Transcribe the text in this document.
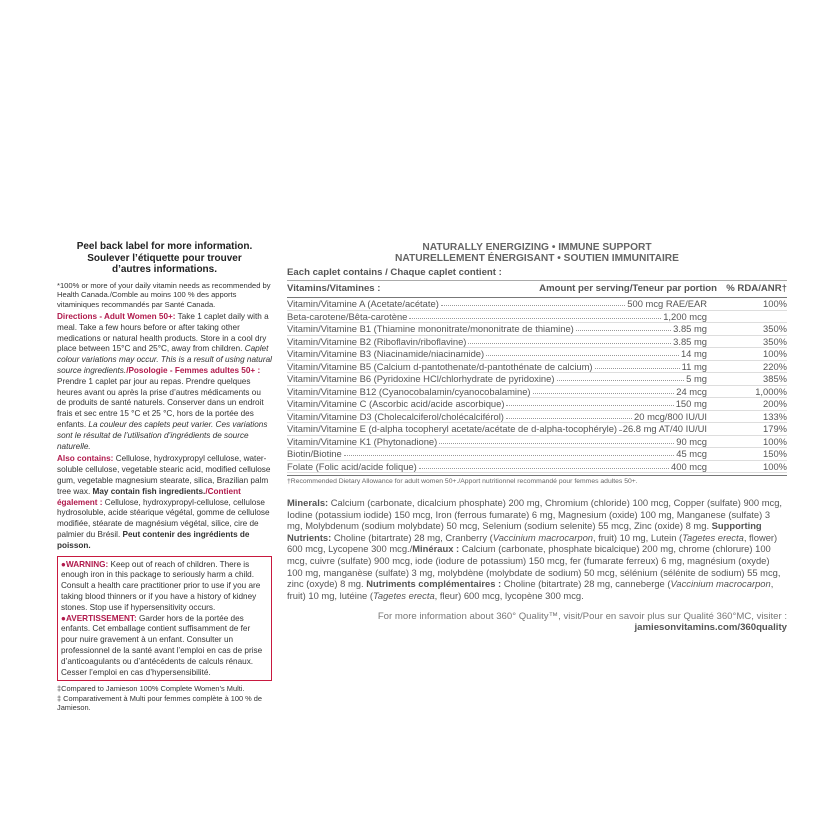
Peel back label for more information.
Soulever l’étiquette pour trouver
d’autres informations.
*100% or more of your daily vitamin needs as recommended by Health Canada./Comble au moins 100 % des apports vitaminiques recommandés par Santé Canada.
Directions - Adult Women 50+: Take 1 caplet daily with a meal. Take a few hours before or after taking other medications or natural health products. Store in a cool dry place between 15°C and 25°C, away from children. Caplet colour variations may occur. This is a result of using natural source ingredients./Posologie - Femmes adultes 50+ : Prendre 1 caplet par jour au repas. Prendre quelques heures avant ou après la prise d’autres médicaments ou de produits de santé naturels. Conserver dans un endroit frais et sec entre 15 °C et 25 °C, hors de la portée des enfants. La couleur des caplets peut varier. Ces variations sont le résultat de l’utilisation d’ingrédients de source naturelle.
Also contains: Cellulose, hydroxypropyl cellulose, water-soluble cellulose, vegetable stearic acid, modified cellulose gum, vegetable magnesium stearate, silica, Brazilian palm tree wax. May contain fish ingredients./Contient également : Cellulose, hydroxypropyl-cellulose, cellulose hydrosoluble, acide stéarique végétal, gomme de cellulose modifiée, stéarate de magnésium végétal, silice, cire de palmier du Brésil. Peut contenir des ingrédients de poisson.
●WARNING: Keep out of reach of children. There is enough iron in this package to seriously harm a child. Consult a health care practitioner prior to use if you are taking blood thinners or if you have a history of kidney stones. Stop use if hypersensitivity occurs.
●AVERTISSEMENT: Garder hors de la portée des enfants. Cet emballage contient suffisamment de fer pour nuire gravement à un enfant. Consulter un professionnel de la santé avant l’emploi en cas de prise d’anticoagulants ou d’antécédents de calculs rénaux. Cesser l’emploi en cas d’hypersensibilité.
‡Compared to Jamieson 100% Complete Women’s Multi.
‡ Comparativement à Multi pour femmes complète à 100 % de Jamieson.
NATURALLY ENERGIZING • IMMUNE SUPPORT
NATURELLEMENT ÉNERGISANT • SOUTIEN IMMUNITAIRE
Each caplet contains / Chaque caplet contient :
Vitamins/Vitamines :	Amount per serving/Teneur par portion	% RDA/ANR†

Vitamin/Vitamine A (Acetate/acétate) 500 mcg RAE/EAR		100%

Beta-carotene/Bêta-carotène 1,200 mcg		

Vitamin/Vitamine B1 (Thiamine mononitrate/mononitrate de thiamine) 3.85 mg		350%

Vitamin/Vitamine B2 (Riboflavin/riboflavine) 3.85 mg		350%

Vitamin/Vitamine B3 (Niacinamide/niacinamide) 14 mg		100%

Vitamin/Vitamine B5 (Calcium d-pantothenate/d-pantothénate de calcium) 11 mg		220%

Vitamin/Vitamine B6 (Pyridoxine HCl/chlorhydrate de pyridoxine) 5 mg		385%

Vitamin/Vitamine B12 (Cyanocobalamin/cyanocobalamine) 24 mcg		1,000%

Vitamin/Vitamine C (Ascorbic acid/acide ascorbique) 150 mg		200%

Vitamin/Vitamine D3 (Cholecalciferol/cholécalciférol) 20 mcg/800 IU/UI		133%

Vitamin/Vitamine E (d-alpha tocopheryl acetate/acétate de d-alpha-tocophéryle) 26.8 mg AT/40 IU/UI		179%

Vitamin/Vitamine K1 (Phytonadione) 90 mcg		100%

Biotin/Biotine 45 mcg		150%

Folate (Folic acid/acide folique) 400 mcg		100%
†Recommended Dietary Allowance for adult women 50+./Apport nutritionnel recommandé pour femmes adultes 50+.
Minerals: Calcium (carbonate, dicalcium phosphate) 200 mg, Chromium (chloride) 100 mcg, Copper (sulfate) 900 mcg, Iodine (potassium iodide) 150 mcg, Iron (ferrous fumarate) 6 mg, Magnesium (oxide) 100 mg, Manganese (sulfate) 3 mg, Molybdenum (sodium molybdate) 50 mcg, Selenium (sodium selenite) 55 mcg, Zinc (oxide) 8 mg. Supporting Nutrients: Choline (bitartrate) 28 mg, Cranberry (Vaccinium macrocarpon, fruit) 10 mg, Lutein (Tagetes erecta, flower) 600 mcg, Lycopene 300 mcg./Minéraux : Calcium (carbonate, phosphate bicalcique) 200 mg, chrome (chlorure) 100 mcg, cuivre (sulfate) 900 mcg, iode (iodure de potassium) 150 mcg, fer (fumarate ferreux) 6 mg, magnésium (oxyde) 100 mg, manganèse (sulfate) 3 mg, molybdène (molybdate de sodium) 50 mcg, sélénium (sélénite de sodium) 55 mcg, zinc (oxyde) 8 mg. Nutriments complémentaires : Choline (bitartrate) 28 mg, canneberge (Vaccinium macrocarpon, fruit) 10 mg, lutéine (Tagetes erecta, fleur) 600 mcg, lycopène 300 mcg.
For more information about 360° Quality™, visit/Pour en savoir plus sur Qualité 360°MC, visiter : jamiesonvitamins.com/360quality
